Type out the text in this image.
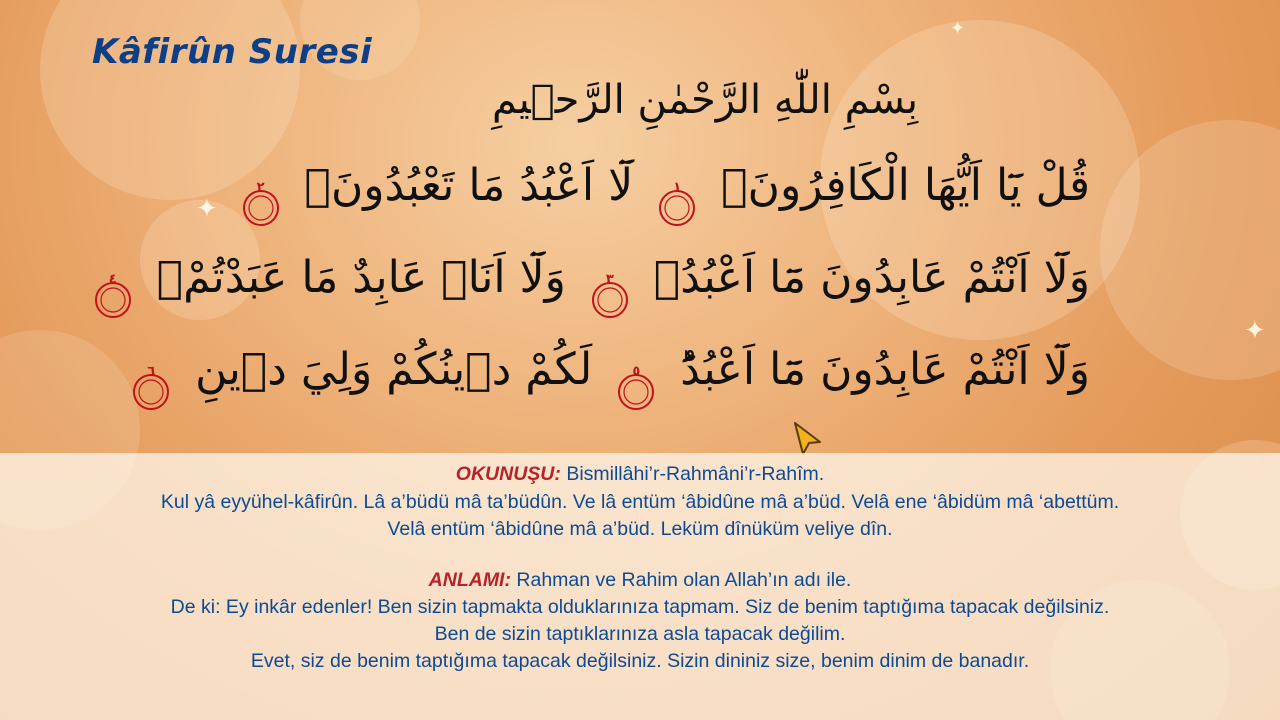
✦
✦
✦
Kâfirûn Suresi
بِسْمِ اللّٰهِ الرَّحْمٰنِ الرَّح۪يمِ
قُلْ يَٓا اَيُّهَا الْكَافِرُونَۙ
١
لَٓا اَعْبُدُ مَا تَعْبُدُونَۙ
٢
وَلَٓا اَنْتُمْ عَابِدُونَ مَٓا اَعْبُدُۚ
٣
وَلَٓا اَنَا۬ عَابِدٌ مَا عَبَدْتُمْۙ
٤
وَلَٓا اَنْتُمْ عَابِدُونَ مَٓا اَعْبُدُؕ
٥
لَكُمْ د۪ينُكُمْ وَلِيَ د۪ينِ
٦
OKUNUŞU: Bismillâhi’r-Rahmâni’r-Rahîm.
Kul yâ eyyühel-kâfirûn. Lâ a’büdü mâ ta’büdûn. Ve lâ entüm ‘âbidûne mâ a’büd. Velâ ene ‘âbidüm mâ ‘abettüm.
Velâ entüm ‘âbidûne mâ a’büd. Leküm dînüküm veliye dîn.
ANLAMI: Rahman ve Rahim olan Allah’ın adı ile.
De ki: Ey inkâr edenler! Ben sizin tapmakta olduklarınıza tapmam. Siz de benim taptığıma tapacak değilsiniz.
Ben de sizin taptıklarınıza asla tapacak değilim.
Evet, siz de benim taptığıma tapacak değilsiniz. Sizin dininiz size, benim dinim de banadır.
